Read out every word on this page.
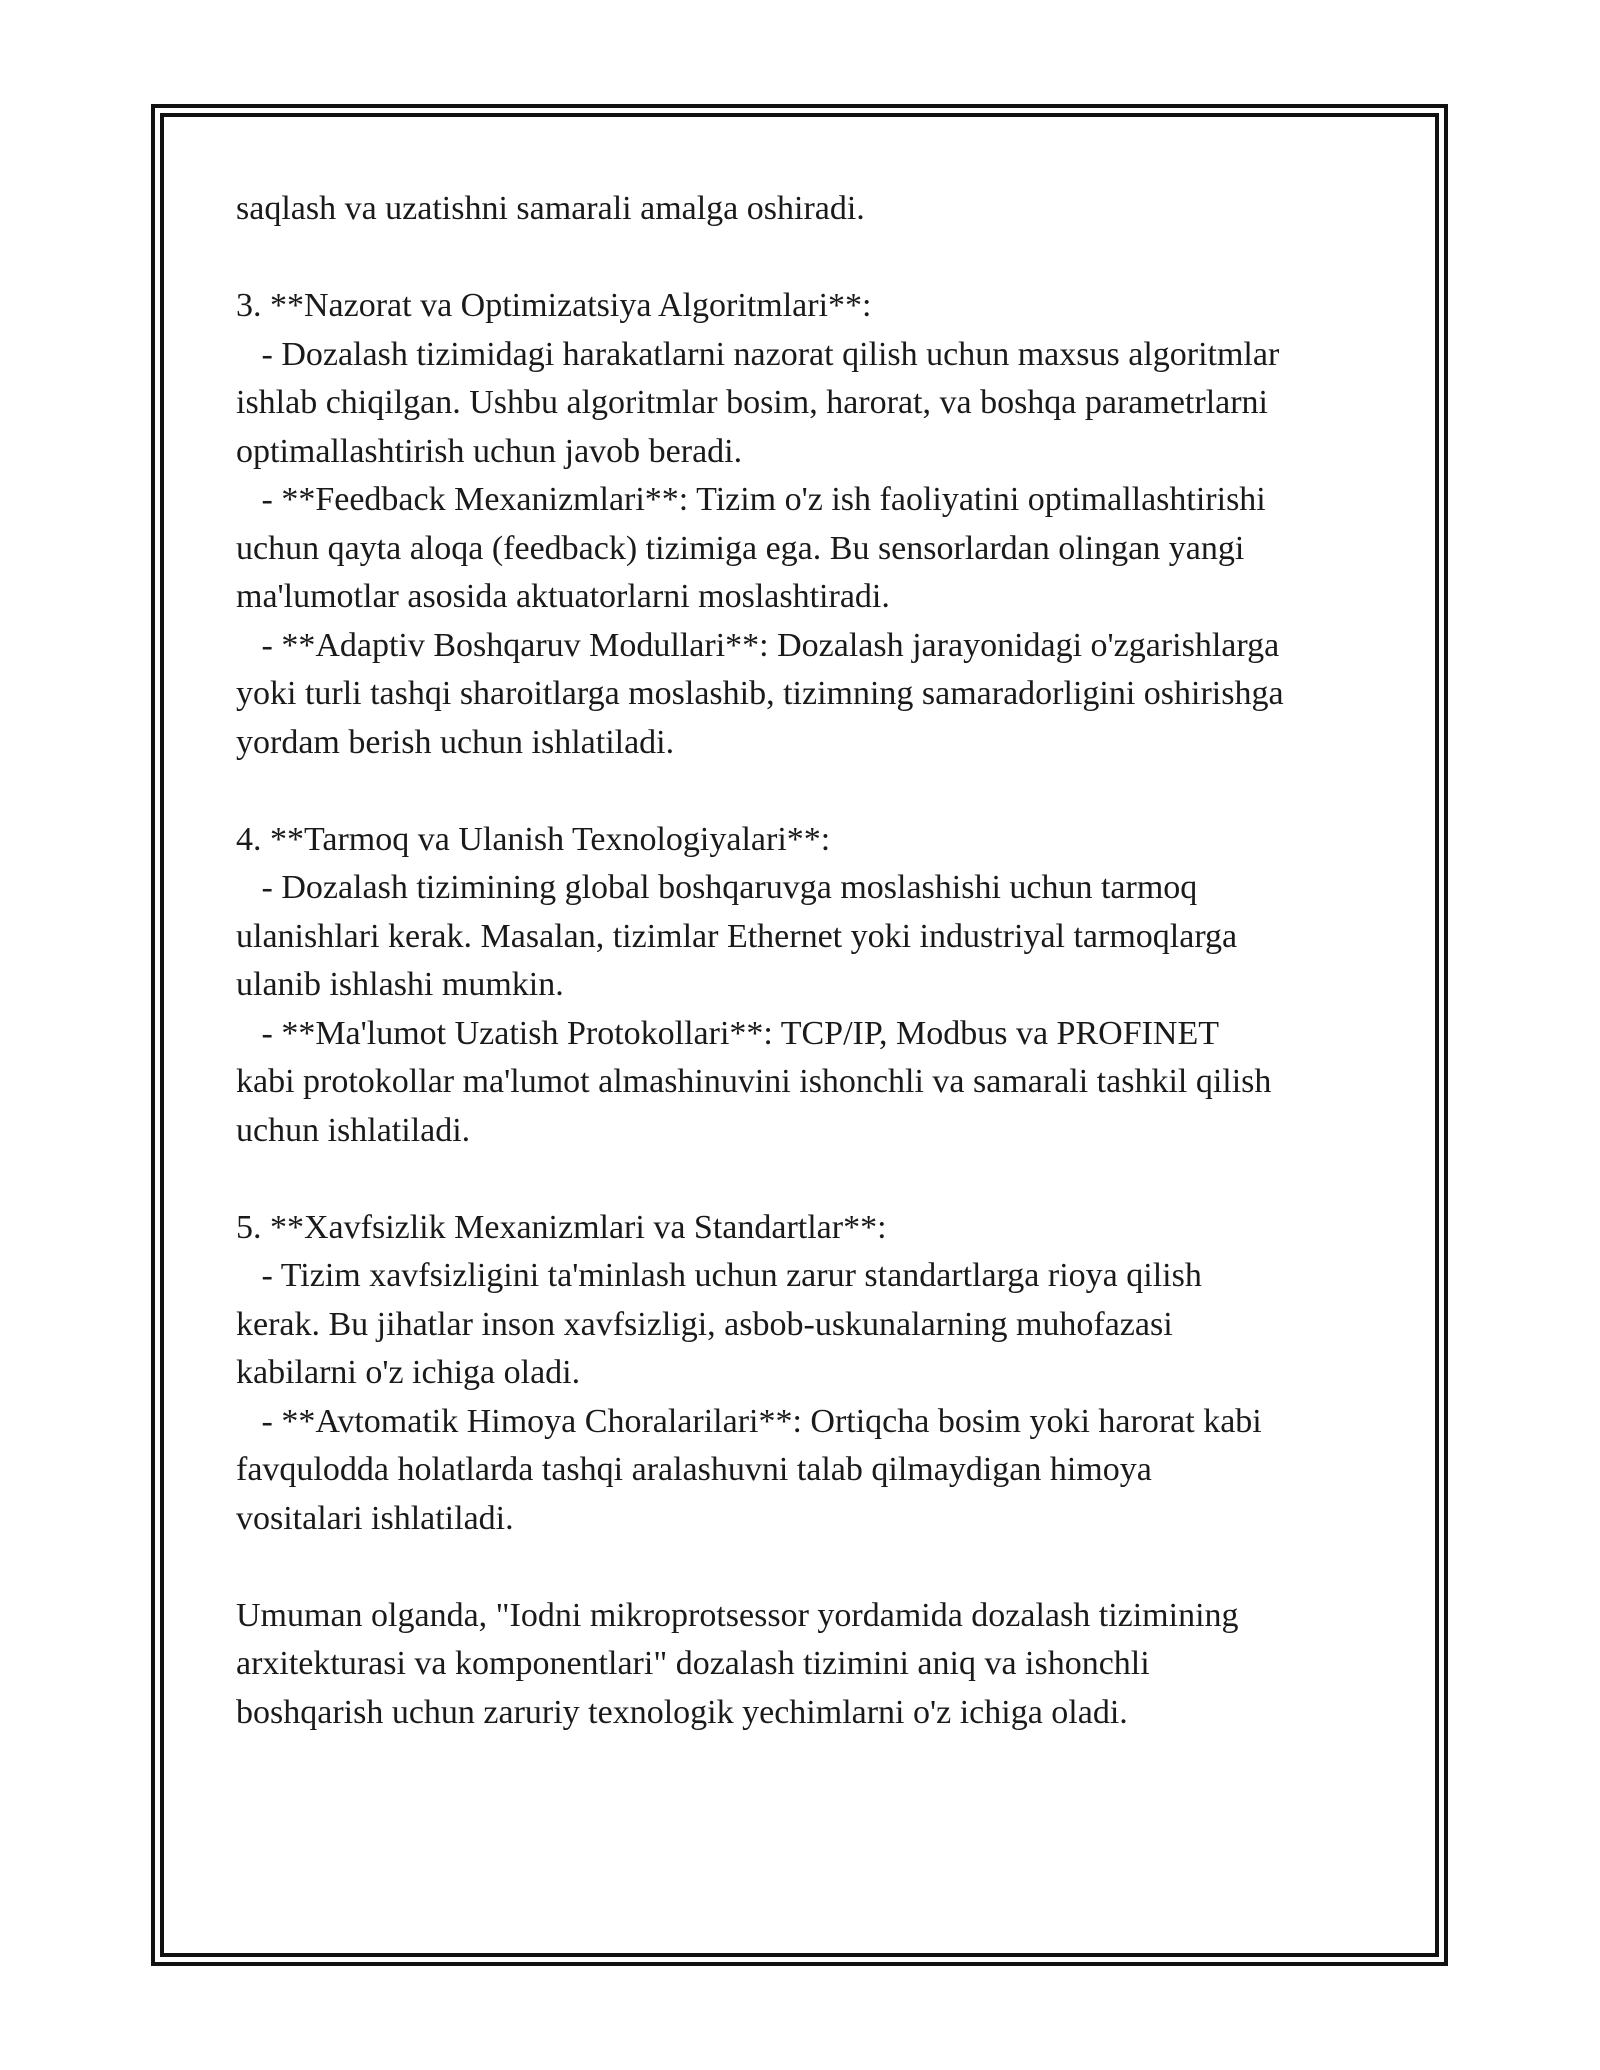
saqlash va uzatishni samarali amalga oshiradi.
3. **Nazorat va Optimizatsiya Algoritmlari**:
- Dozalash tizimidagi harakatlarni nazorat qilish uchun maxsus algoritmlar
ishlab chiqilgan. Ushbu algoritmlar bosim, harorat, va boshqa parametrlarni
optimallashtirish uchun javob beradi.
- **Feedback Mexanizmlari**: Tizim o'z ish faoliyatini optimallashtirishi
uchun qayta aloqa (feedback) tizimiga ega. Bu sensorlardan olingan yangi
ma'lumotlar asosida aktuatorlarni moslashtiradi.
- **Adaptiv Boshqaruv Modullari**: Dozalash jarayonidagi o'zgarishlarga
yoki turli tashqi sharoitlarga moslashib, tizimning samaradorligini oshirishga
yordam berish uchun ishlatiladi.
4. **Tarmoq va Ulanish Texnologiyalari**:
- Dozalash tizimining global boshqaruvga moslashishi uchun tarmoq
ulanishlari kerak. Masalan, tizimlar Ethernet yoki industriyal tarmoqlarga
ulanib ishlashi mumkin.
- **Ma'lumot Uzatish Protokollari**: TCP/IP, Modbus va PROFINET
kabi protokollar ma'lumot almashinuvini ishonchli va samarali tashkil qilish
uchun ishlatiladi.
5. **Xavfsizlik Mexanizmlari va Standartlar**:
- Tizim xavfsizligini ta'minlash uchun zarur standartlarga rioya qilish
kerak. Bu jihatlar inson xavfsizligi, asbob-uskunalarning muhofazasi
kabilarni o'z ichiga oladi.
- **Avtomatik Himoya Choralarilari**: Ortiqcha bosim yoki harorat kabi
favqulodda holatlarda tashqi aralashuvni talab qilmaydigan himoya
vositalari ishlatiladi.
Umuman olganda, "Iodni mikroprotsessor yordamida dozalash tizimining
arxitekturasi va komponentlari" dozalash tizimini aniq va ishonchli
boshqarish uchun zaruriy texnologik yechimlarni o'z ichiga oladi.
